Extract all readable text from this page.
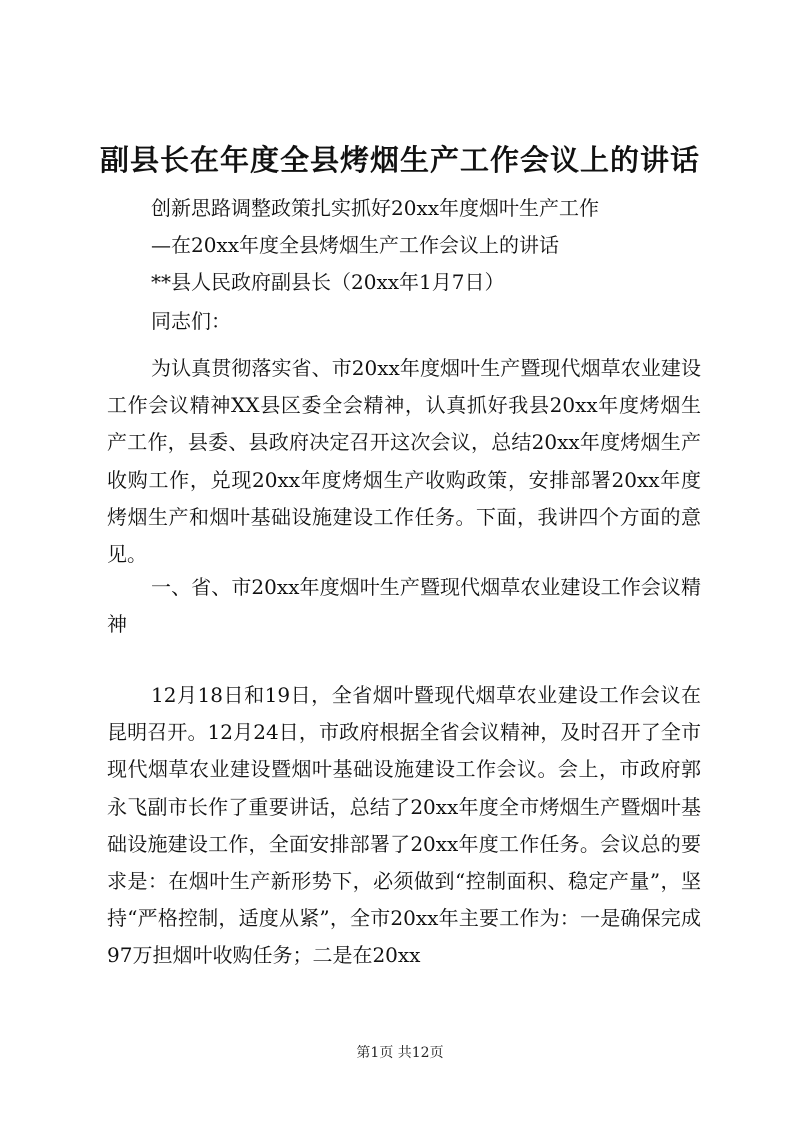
副县长在年度全县烤烟生产工作会议上的讲话
创新思路调整政策扎实抓好20xx年度烟叶生产工作
—在20xx年度全县烤烟生产工作会议上的讲话
**县人民政府副县长（20xx年1月7日）
同志们：

为认真贯彻落实省、市20xx年度烟叶生产暨现代烟草农业建设工作会议精神XX县区委全会精神，认真抓好我县20xx年度烤烟生产工作，县委、县政府决定召开这次会议，总结20xx年度烤烟生产收购工作，兑现20xx年度烤烟生产收购政策，安排部署20xx年度烤烟生产和烟叶基础设施建设工作任务。下面，我讲四个方面的意见。

一、省、市20xx年度烟叶生产暨现代烟草农业建设工作会议精神

12月18日和19日，全省烟叶暨现代烟草农业建设工作会议在昆明召开。12月24日，市政府根据全省会议精神，及时召开了全市现代烟草农业建设暨烟叶基础设施建设工作会议。会上，市政府郭永飞副市长作了重要讲话，总结了20xx年度全市烤烟生产暨烟叶基础设施建设工作，全面安排部署了20xx年度工作任务。会议总的要求是：在烟叶生产新形势下，必须做到“控制面积、稳定产量”，坚持“严格控制，适度从紧”，全市20xx年主要工作为：一是确保完成97万担烟叶收购任务；二是在20xx

第1页 共12页
